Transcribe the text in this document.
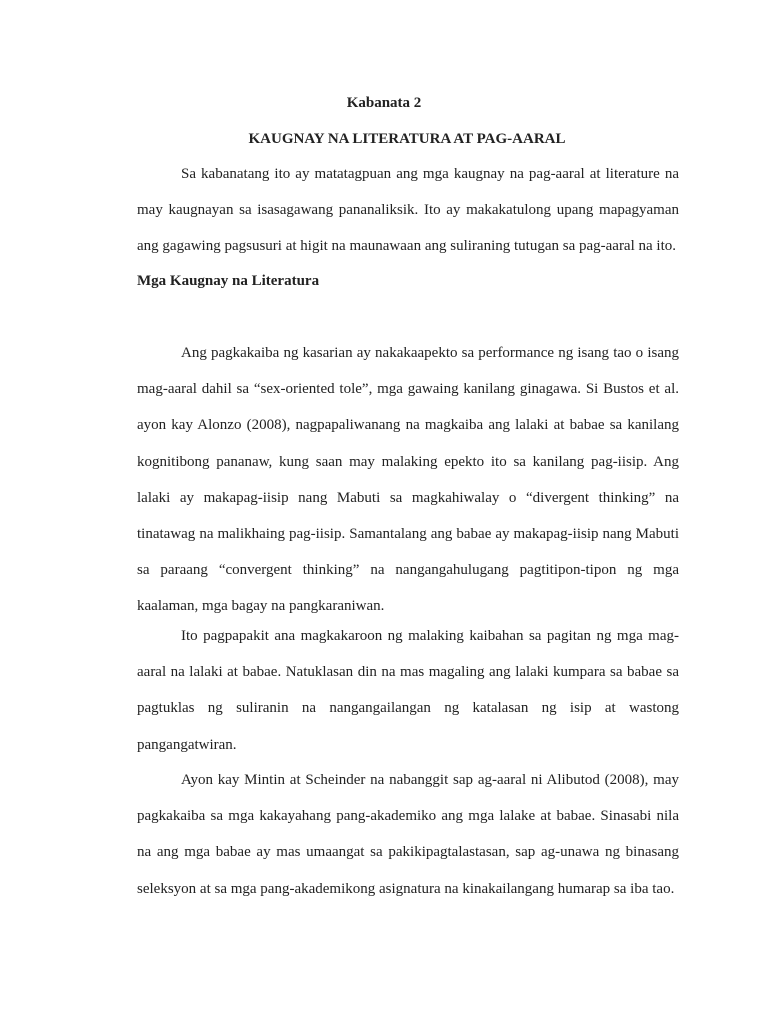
Kabanata 2
KAUGNAY NA LITERATURA AT PAG-AARAL

Sa kabanatang ito ay matatagpuan ang mga kaugnay na pag-aaral at literature na may kaugnayan sa isasagawang pananaliksik. Ito ay makakatulong upang mapagyaman ang gagawing pagsusuri at higit na maunawaan ang suliraning tutugan sa pag-aaral na ito.

Mga Kaugnay na Literatura

Ang pagkakaiba ng kasarian ay nakakaapekto sa performance ng isang tao o isang mag-aaral dahil sa “sex-oriented tole”, mga gawaing kanilang ginagawa. Si Bustos et al. ayon kay Alonzo (2008), nagpapaliwanang na magkaiba ang lalaki at babae sa kanilang kognitibong pananaw, kung saan may malaking epekto ito sa kanilang pag-iisip. Ang lalaki ay makapag-iisip nang Mabuti sa magkahiwalay o “divergent thinking” na tinatawag na malikhaing pag-iisip. Samantalang ang babae ay makapag-iisip nang Mabuti sa paraang “convergent thinking” na nangangahulugang pagtitipon-tipon ng mga kaalaman, mga bagay na pangkaraniwan.

Ito pagpapakit ana magkakaroon ng malaking kaibahan sa pagitan ng mga mag-aaral na lalaki at babae. Natuklasan din na mas magaling ang lalaki kumpara sa babae sa pagtuklas ng suliranin na nangangailangan ng katalasan ng isip at wastong pangangatwiran.

Ayon kay Mintin at Scheinder na nabanggit sap ag-aaral ni Alibutod (2008), may pagkakaiba sa mga kakayahang pang-akademiko ang mga lalake at babae. Sinasabi nila na ang mga babae ay mas umaangat sa pakikipagtalastasan, sap ag-unawa ng binasang seleksyon at sa mga pang-akademikong asignatura na kinakailangang humarap sa iba tao.
